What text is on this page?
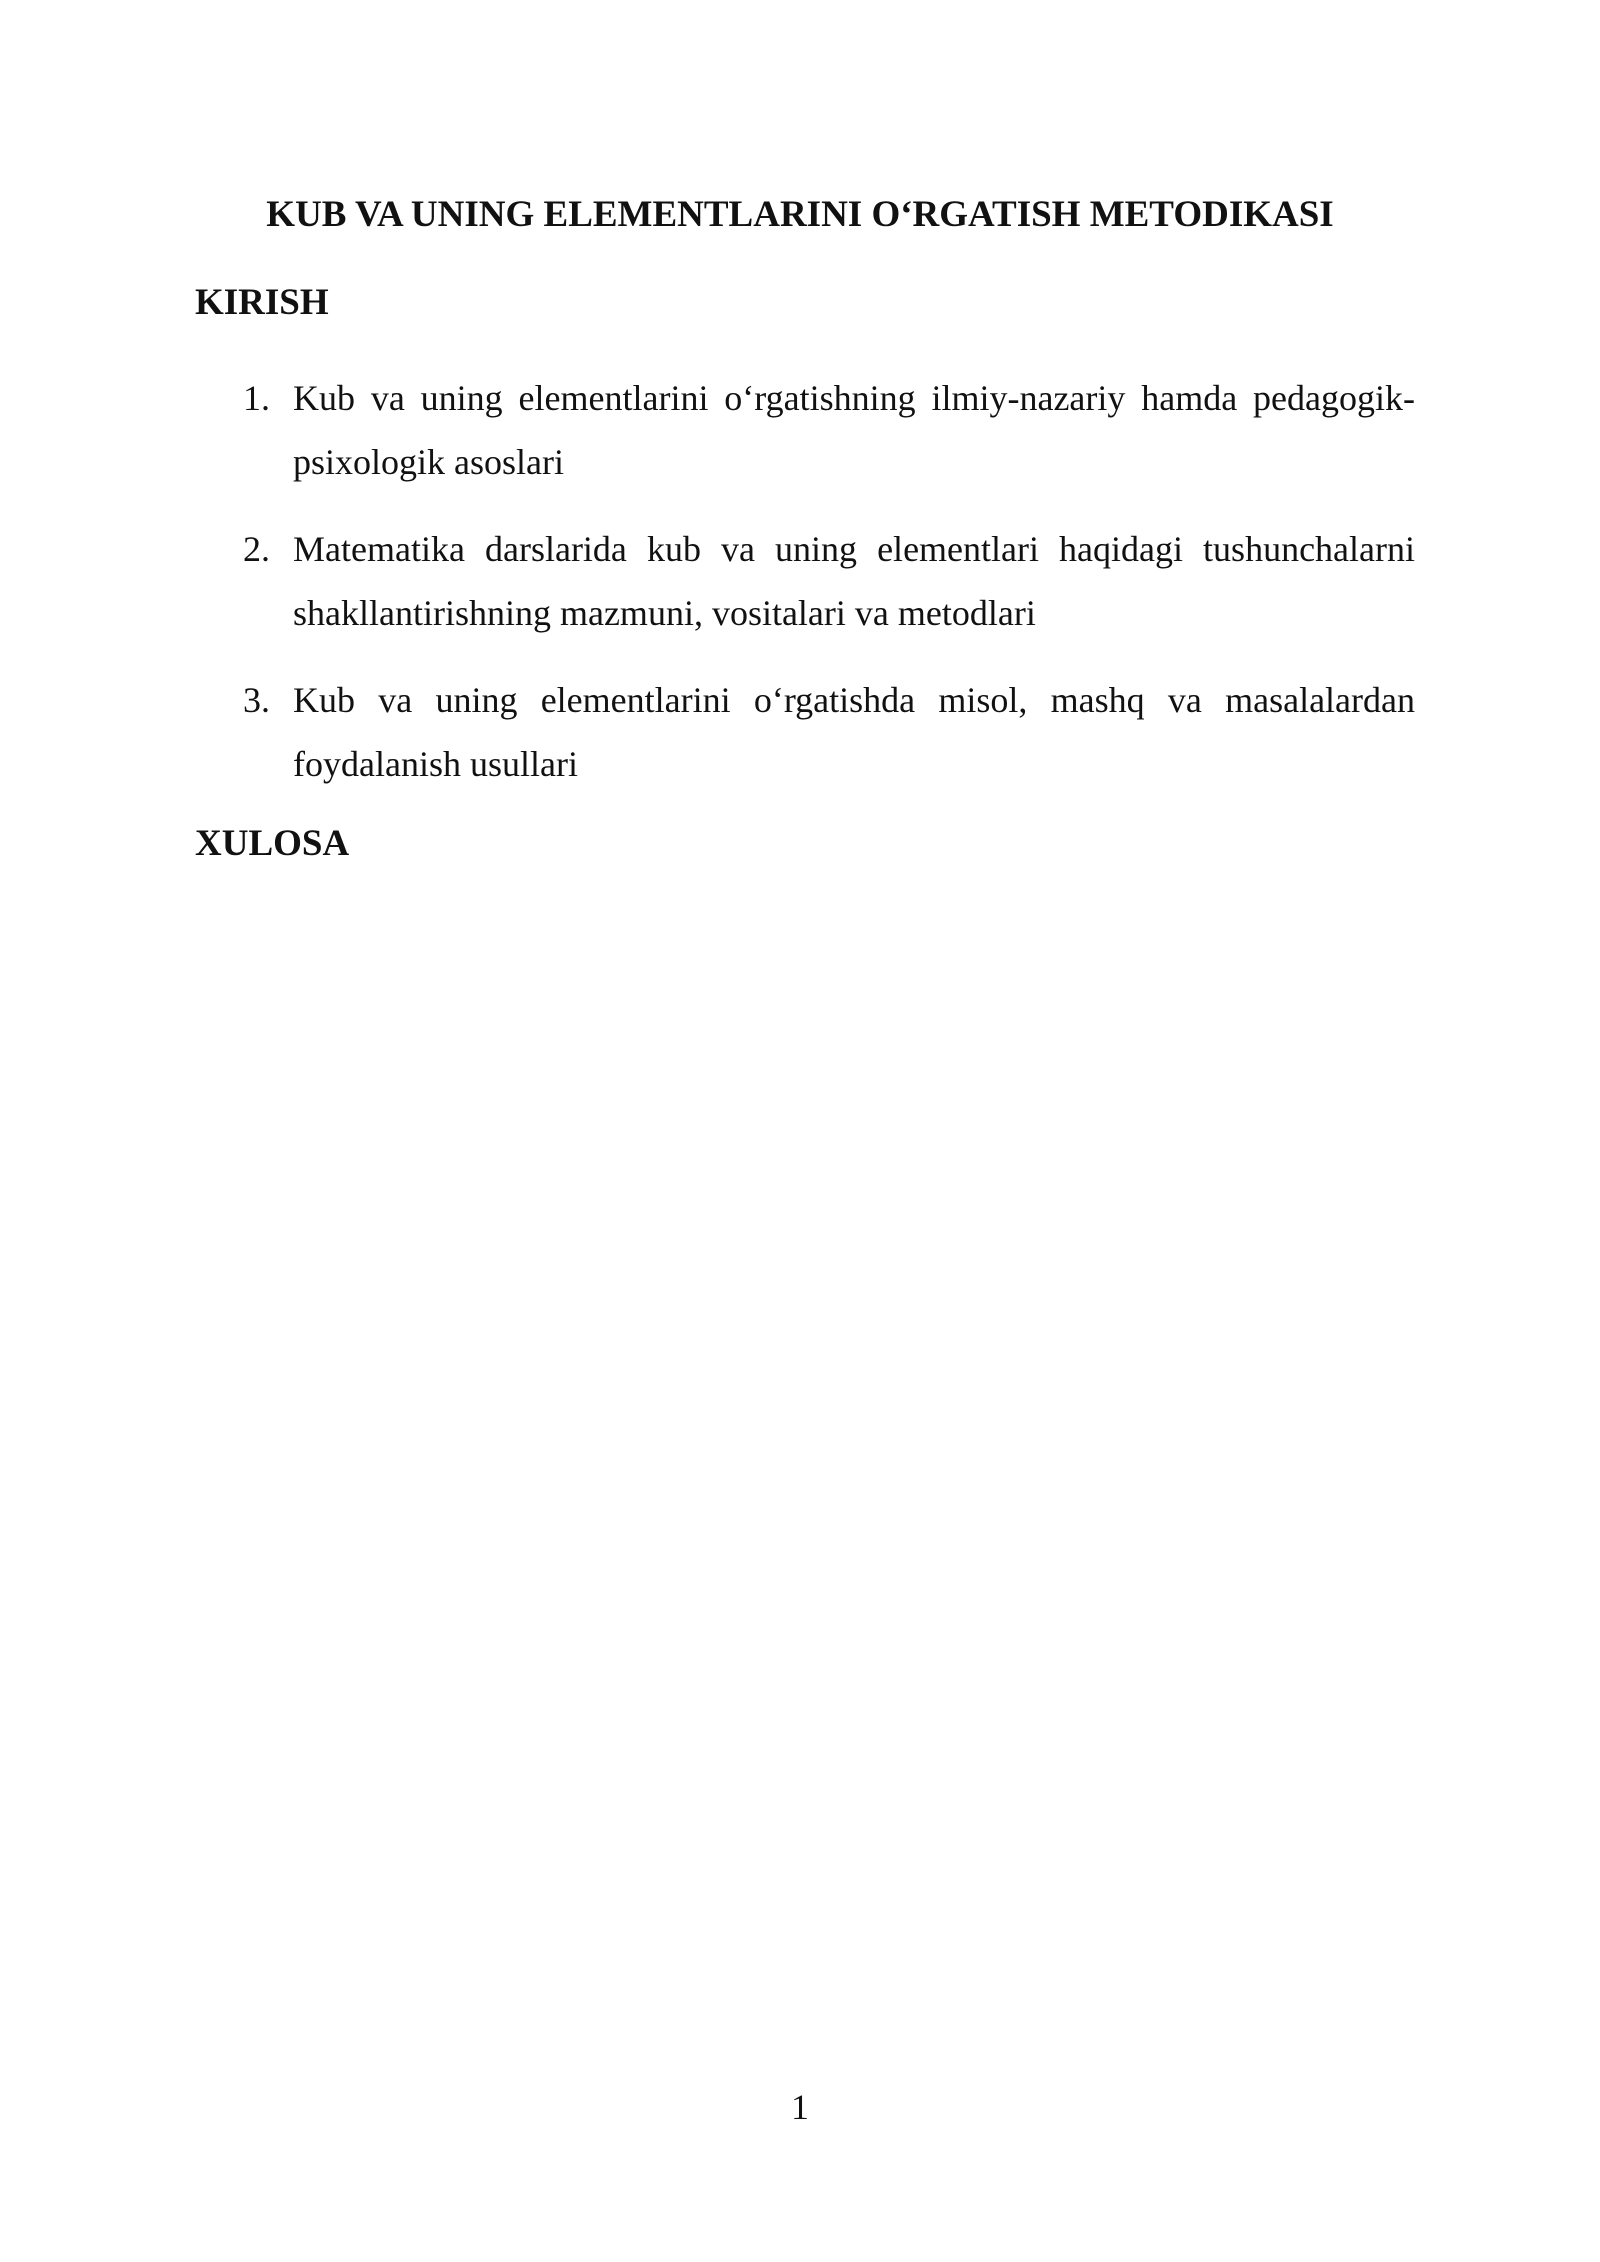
KUB VA UNING ELEMENTLARINI O‘RGATISH METODIKASI
KIRISH
1. Kub va uning elementlarini o‘rgatishning ilmiy-nazariy hamda pedagogik-psixologik asoslari
2. Matematika darslarida kub va uning elementlari haqidagi tushunchalarni shakllantirishning mazmuni, vositalari va metodlari
3. Kub va uning elementlarini o‘rgatishda misol, mashq va masalalardan foydalanish usullari
XULOSA
1
